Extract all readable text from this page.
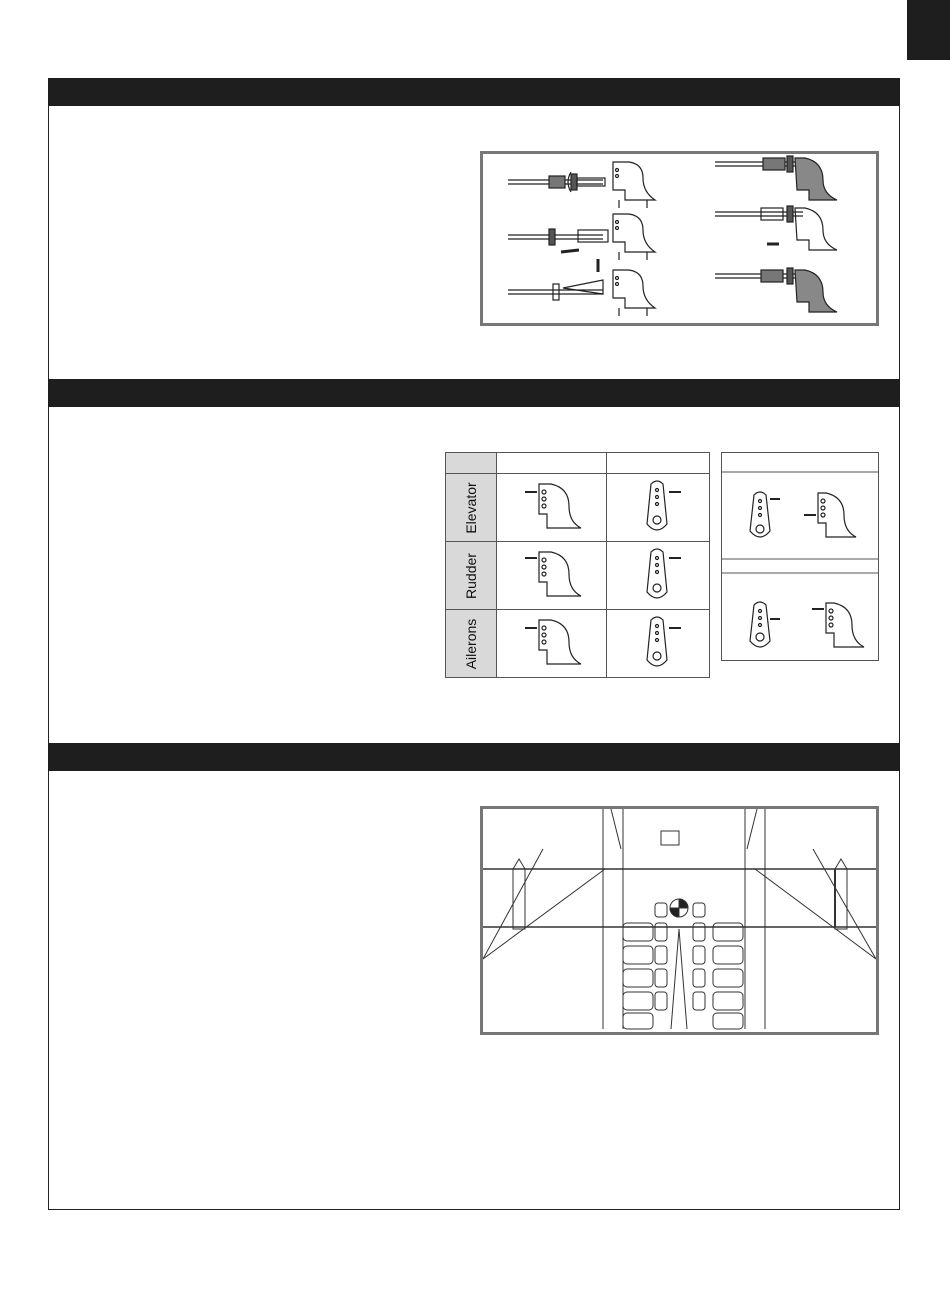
Elevator

Rudder

Ailerons
